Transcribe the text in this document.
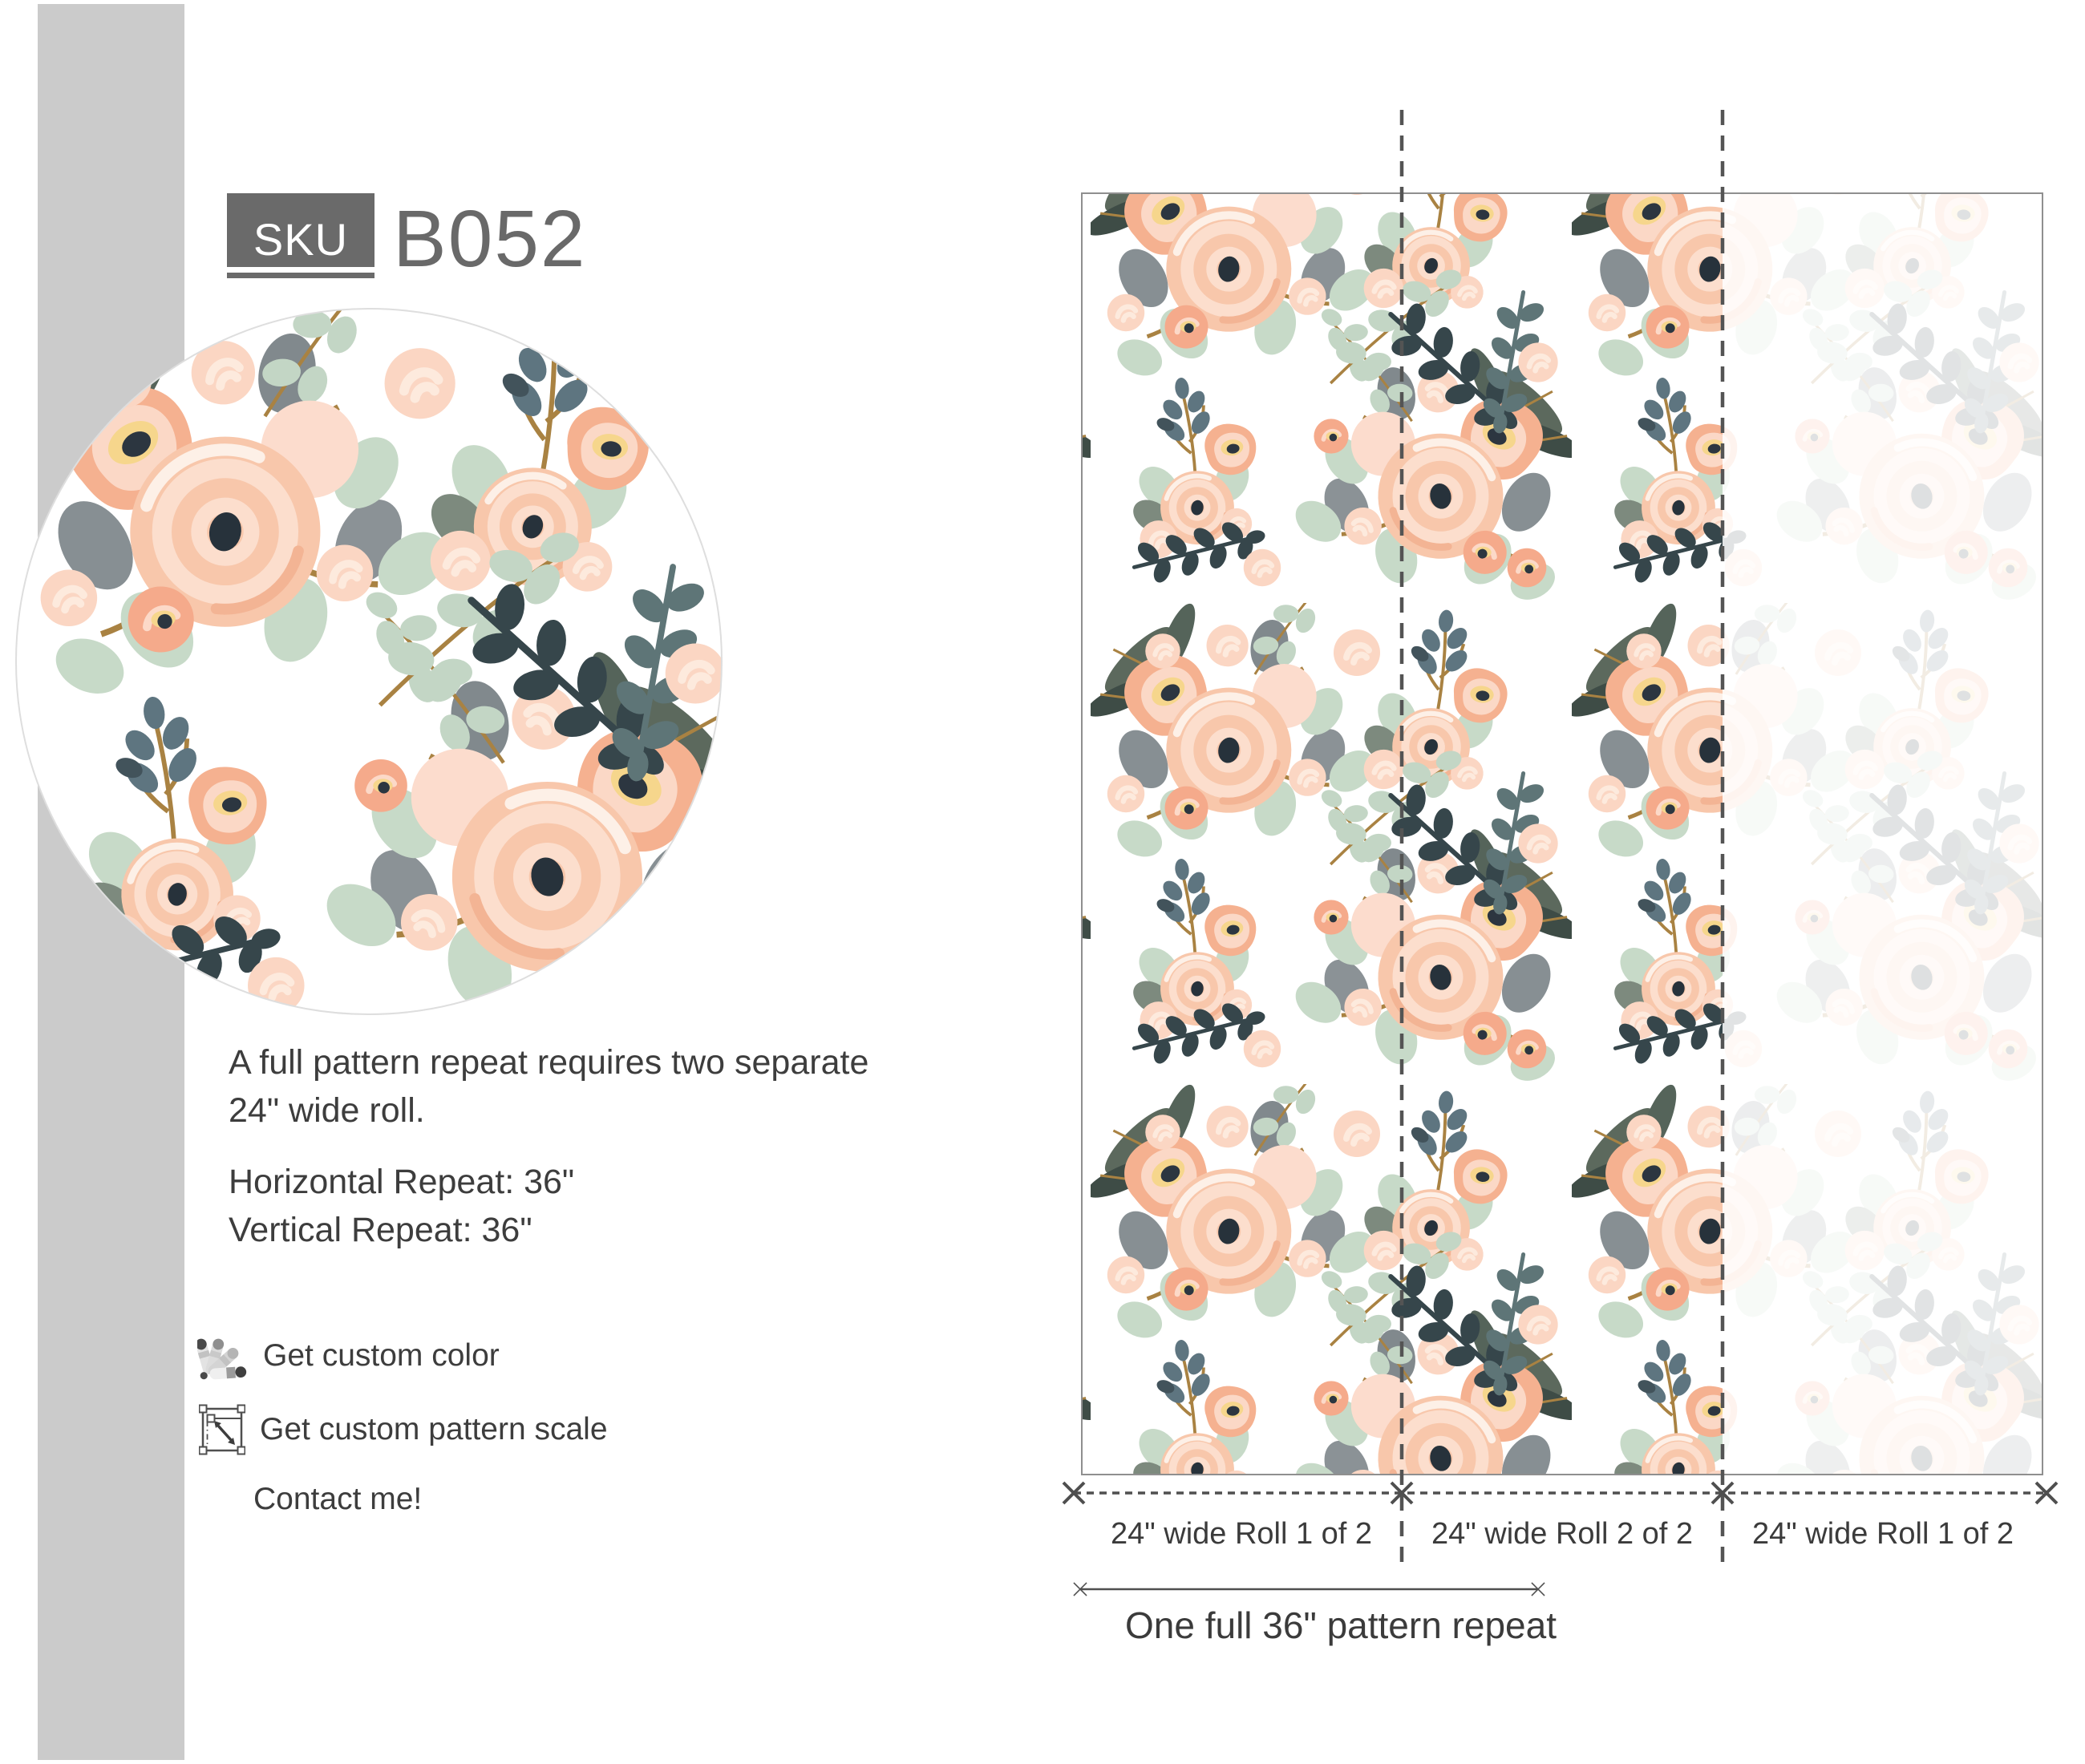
SKU B052
A full pattern repeat requires two separate
24" wide roll.
Horizontal Repeat: 36"
Vertical Repeat: 36"
Get custom color
Get custom pattern scale
Contact me!
24" wide Roll 1 of 2	24" wide Roll 2 of 2	24" wide Roll 1 of 2
One full 36" pattern repeat
